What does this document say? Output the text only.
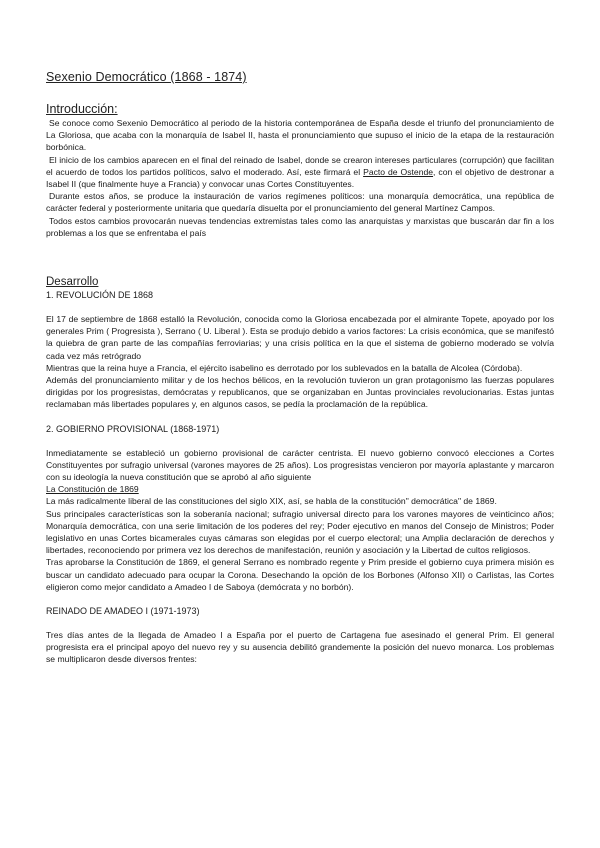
Sexenio Democrático (1868 - 1874)
Introducción:

Se conoce como Sexenio Democrático al periodo de la historia contemporánea de España desde el triunfo del pronunciamiento de La Gloriosa, que acaba con la monarquía de Isabel II, hasta el pronunciamiento que supuso el inicio de la etapa de la restauración borbónica.

El inicio de los cambios aparecen en el final del reinado de Isabel, donde se crearon intereses particulares (corrupción) que facilitan el acuerdo de todos los partidos políticos, salvo el moderado. Así, este firmará el Pacto de Ostende, con el objetivo de destronar a Isabel II (que finalmente huye a Francia) y convocar unas Cortes Constituyentes.

Durante estos años, se produce la instauración de varios regímenes políticos: una monarquía democrática, una república de carácter federal y posteriormente unitaria que quedaría disuelta por el pronunciamiento del general Martínez Campos.

Todos estos cambios provocarán nuevas tendencias extremistas tales como las anarquistas y marxistas que buscarán dar fin a los problemas a los que se enfrentaba el país

Desarrollo
1. REVOLUCIÓN DE 1868

El 17 de septiembre de 1868 estalló la Revolución, conocida como la Gloriosa encabezada por el almirante Topete, apoyado por los generales Prim ( Progresista ), Serrano ( U. Liberal ). Esta se produjo debido a varios factores: La crisis económica, que se manifestó la quiebra de gran parte de las compañías ferroviarias; y una crisis política en la que el sistema de gobierno moderado se volvía cada vez más retrógrado

Mientras que la reina huye a Francia, el ejército isabelino es derrotado por los sublevados en la batalla de Alcolea (Córdoba).

Además del pronunciamiento militar y de los hechos bélicos, en la revolución tuvieron un gran protagonismo las fuerzas populares dirigidas por los progresistas, demócratas y republicanos, que se organizaban en Juntas provinciales revolucionarias. Estas juntas reclamaban más libertades populares y, en algunos casos, se pedía la proclamación de la república.

2. GOBIERNO PROVISIONAL (1868-1971)

Inmediatamente se estableció un gobierno provisional de carácter centrista. El nuevo gobierno convocó elecciones a Cortes Constituyentes por sufragio universal (varones mayores de 25 años). Los progresistas vencieron por mayoría aplastante y marcaron con su ideología la nueva constitución que se aprobó al año siguiente

La Constitución de 1869

La más radicalmente liberal de las constituciones del siglo XIX, así, se habla de la constitución" democrática" de 1869.

Sus principales características son la soberanía nacional; sufragio universal directo para los varones mayores de veinticinco años; Monarquía democrática, con una serie limitación de los poderes del rey; Poder ejecutivo en manos del Consejo de Ministros; Poder legislativo en unas Cortes bicamerales cuyas cámaras son elegidas por el cuerpo electoral; una Amplia declaración de derechos y libertades, reconociendo por primera vez los derechos de manifestación, reunión y asociación y la Libertad de cultos religiosos.

Tras aprobarse la Constitución de 1869, el general Serrano es nombrado regente y Prim preside el gobierno cuya primera misión es buscar un candidato adecuado para ocupar la Corona. Desechando la opción de los Borbones (Alfonso XII) o Carlistas, las Cortes eligieron como mejor candidato a Amadeo I de Saboya (demócrata y no borbón).

REINADO DE AMADEO I (1971-1973)

Tres días antes de la llegada de Amadeo I a España por el puerto de Cartagena fue asesinado el general Prim. El general progresista era el principal apoyo del nuevo rey y su ausencia debilitó grandemente la posición del nuevo monarca. Los problemas se multiplicaron desde diversos frentes:
